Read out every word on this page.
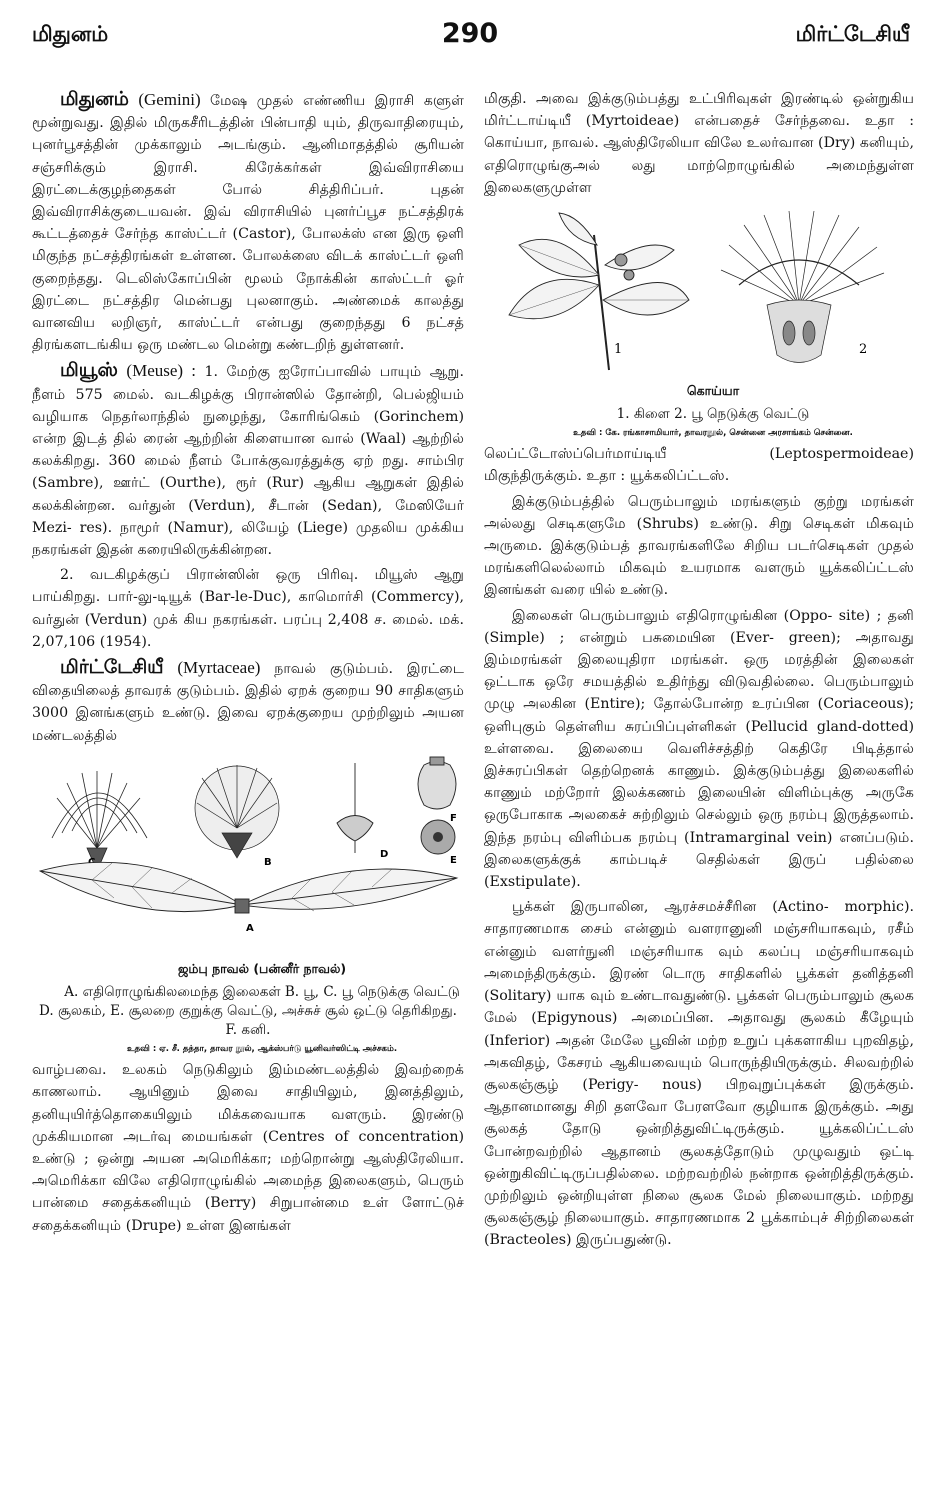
மிதுனம்	290	மிர்ட்டேசியீ

மிதுனம் (Gemini) மேஷ முதல் எண்ணிய இராசி களுள் மூன்றுவது. இதில் மிருகசீரிடத்தின் பின்பாதி யும், திருவாதிரையும், புனர்பூசத்தின் முக்காலும் அடங்கும். ஆனிமாதத்தில் சூரியன் சஞ்சரிக்கும் இராசி. கிரேக்கர்கள் இவ்விராசியை இரட்டைக்குழந்தைகள் போல் சித்திரிப்பர். புதன் இவ்விராசிக்குடையவன். இவ் விராசியில் புனர்ப்பூச நட்சத்திரக் கூட்டத்தைச் சேர்ந்த காஸ்ட்டர் (Castor), போலக்ஸ் என இரு ஒளி மிகுந்த நட்சத்திரங்கள் உள்ளன. போலக்ஸை விடக் காஸ்ட்டர் ஒளி குறைந்தது. டெலிஸ்கோப்பின் மூலம் நோக்கின் காஸ்ட்டர் ஓர் இரட்டை நட்சத்திர மென்பது புலனாகும். அண்மைக் காலத்து வானவிய லறிஞர், காஸ்ட்டர் என்பது குறைந்தது 6 நட்சத் திரங்களடங்கிய ஒரு மண்டல மென்று கண்டறிந் துள்ளனர்.

மியூஸ் (Meuse) : 1. மேற்கு ஐரோப்பாவில் பாயும் ஆறு. நீளம் 575 மைல். வடகிழக்கு பிரான்ஸில் தோன்றி, பெல்ஜியம் வழியாக நெதர்லாந்தில் நுழைந்து, கோரிங்கெம் (Gorinchem) என்ற இடத் தில் ரைன் ஆற்றின் கிளையான வால் (Waal) ஆற்றில் கலக்கிறது. 360 மைல் நீளம் போக்குவரத்துக்கு ஏற் றது. சாம்பிர (Sambre), ஊர்ட் (Ourthe), ரூர் (Rur) ஆகிய ஆறுகள் இதில் கலக்கின்றன. வர்துன் (Verdun), சீடான் (Sedan), மேஸியேர் Mezi- res). நாமூர் (Namur), லியேழ் (Liege) முதலிய முக்கிய நகரங்கள் இதன் கரையிலிருக்கின்றன.

2. வடகிழக்குப் பிரான்ஸின் ஒரு பிரிவு. மியூஸ் ஆறு பாய்கிறது. பார்-லு-டியூக் (Bar-le-Duc), காமொர்சி (Commercy), வர்துன் (Verdun) முக் கிய நகரங்கள். பரப்பு 2,408 ச. மைல். மக். 2,07,106 (1954).

மிர்ட்டேசியீ (Myrtaceae) நாவல் குடும்பம். இரட்டை விதையிலைத் தாவரக் குடும்பம். இதில் ஏறக் குறைய 90 சாதிகளும் 3000 இனங்களும் உண்டு. இவை ஏறக்குறைய முற்றிலும் அயன மண்டலத்தில்

B
D
F
E
A

ஜம்பு நாவல் (பன்னீர் நாவல்)

A. எதிரொழுங்கிலமைந்த இலைகள் B. பூ, C. பூ நெடுக்கு வெட்டு D. சூலகம், E. சூலறை குறுக்கு வெட்டு, அச்சுச் சூல் ஒட்டு தெரிகிறது. F. கனி.

உதவி : ஏ. சீ. தத்தா, தாவர நூல், ஆக்ஸ்பர்டு யூனிவர்ஸிட்டி அச்சகம்.

வாழ்பவை. உலகம் நெடுகிலும் இம்மண்டலத்தில் இவற்றைக் காணலாம். ஆயினும் இவை சாதியிலும், இனத்திலும், தனியுயிர்த்தொகையிலும் மிக்கவையாக வளரும். இரண்டு முக்கியமான அடர்வு மையங்கள் (Centres of concentration) உண்டு ; ஒன்று அயன அமெரிக்கா; மற்றொன்று ஆஸ்திரேலியா. அமெரிக்கா விலே எதிரொழுங்கில் அமைந்த இலைகளும், பெரும் பான்மை சதைக்கனியும் (Berry) சிறுபான்மை உள் ளோட்டுச் சதைக்கனியும் (Drupe) உள்ள இனங்கள்

மிகுதி. அவை இக்குடும்பத்து உட்பிரிவுகள் இரண்டில் ஒன்றுகிய மிர்ட்டாய்டியீ (Myrtoideae) என்பதைச் சேர்ந்தவை. உதா : கொய்யா, நாவல். ஆஸ்திரேலியா விலே உலர்வான (Dry) கனியும், எதிரொழுங்குஅல் லது மாற்றொழுங்கில் அமைந்துள்ள இலைகளுமுள்ள

1	2

கொய்யா

1. கிளை 2. பூ நெடுக்கு வெட்டு

உதவி : கே. ரங்காசாமியார், தாவரநூல், சென்னை அரசாங்கம் சென்னை.

லெப்ட்டோஸ்ப்பெர்மாய்டியீ (Leptospermoideae) மிகுந்திருக்கும். உதா : யூக்கலிப்ட்டஸ்.

இக்குடும்பத்தில் பெரும்பாலும் மரங்களும் குற்று மரங்கள் அல்லது செடிகளுமே (Shrubs) உண்டு. சிறு செடிகள் மிகவும் அருமை. இக்குடும்பத் தாவரங்களிலே சிறிய படர்செடிகள் முதல் மரங்களிலெல்லாம் மிகவும் உயரமாக வளரும் யூக்கலிப்ட்டஸ் இனங்கள் வரை யில் உண்டு.

இலைகள் பெரும்பாலும் எதிரொழுங்கின (Oppo- site) ; தனி (Simple) ; என்றும் பசுமையின (Ever- green); அதாவது இம்மரங்கள் இலையுதிரா மரங்கள். ஒரு மரத்தின் இலைகள் ஒட்டாக ஒரே சமயத்தில் உதிர்ந்து விடுவதில்லை. பெரும்பாலும் முழு அலகின (Entire); தோல்போன்ற உரப்பின (Coriaceous); ஒளிபுகும் தெள்ளிய சுரப்பிப்புள்ளிகள் (Pellucid gland-dotted) உள்ளவை. இலையை வெளிச்சத்திற் கெதிரே பிடித்தால் இச்சுரப்பிகள் தெற்றெனக் காணும். இக்குடும்பத்து இலைகளில் காணும் மற்றோர் இலக்கணம் இலையின் விளிம்புக்கு அருகே ஒருபோகாக அலகைச் சுற்றிலும் செல்லும் ஒரு நரம்பு இருத்தலாம். இந்த நரம்பு விளிம்பக நரம்பு (Intramarginal vein) எனப்படும். இலைகளுக்குக் காம்படிச் செதில்கள் இருப் பதில்லை (Exstipulate).

பூக்கள் இருபாலின, ஆரச்சமச்சீரின (Actino- morphic). சாதாரணமாக சைம் என்னும் வளரானுனி மஞ்சரியாகவும், ரசீம் என்னும் வளர்நுனி மஞ்சரியாக வும் கலப்பு மஞ்சரியாகவும் அமைந்திருக்கும். இரண் டொரு சாதிகளில் பூக்கள் தனித்தனி (Solitary) யாக வும் உண்டாவதுண்டு. பூக்கள் பெரும்பாலும் சூலக மேல் (Epigynous) அமைப்பின. அதாவது சூலகம் கீழேயும் (Inferior) அதன் மேலே பூவின் மற்ற உறுப் புக்களாகிய புறவிதழ், அகவிதழ், கேசரம் ஆகியவையும் பொருந்தியிருக்கும். சிலவற்றில் சூலகஞ்சூழ் (Perigy- nous) பிறவுறுப்புக்கள் இருக்கும். ஆதானமானது சிறி தளவோ பேரளவோ குழியாக இருக்கும். அது சூலகத் தோடு ஒன்றித்துவிட்டிருக்கும். யூக்கலிப்ட்டஸ் போன்றவற்றில் ஆதானம் சூலகத்தோடும் முழுவதும் ஒட்டி ஒன்றுகிவிட்டிருப்பதில்லை. மற்றவற்றில் நன்றாக ஒன்றித்திருக்கும். முற்றிலும் ஒன்றியுள்ள நிலை சூலக மேல் நிலையாகும். மற்றது சூலகஞ்சூழ் நிலையாகும். சாதாரணமாக 2 பூக்காம்புச் சிற்றிலைகள் (Bracteoles) இருப்பதுண்டு.
